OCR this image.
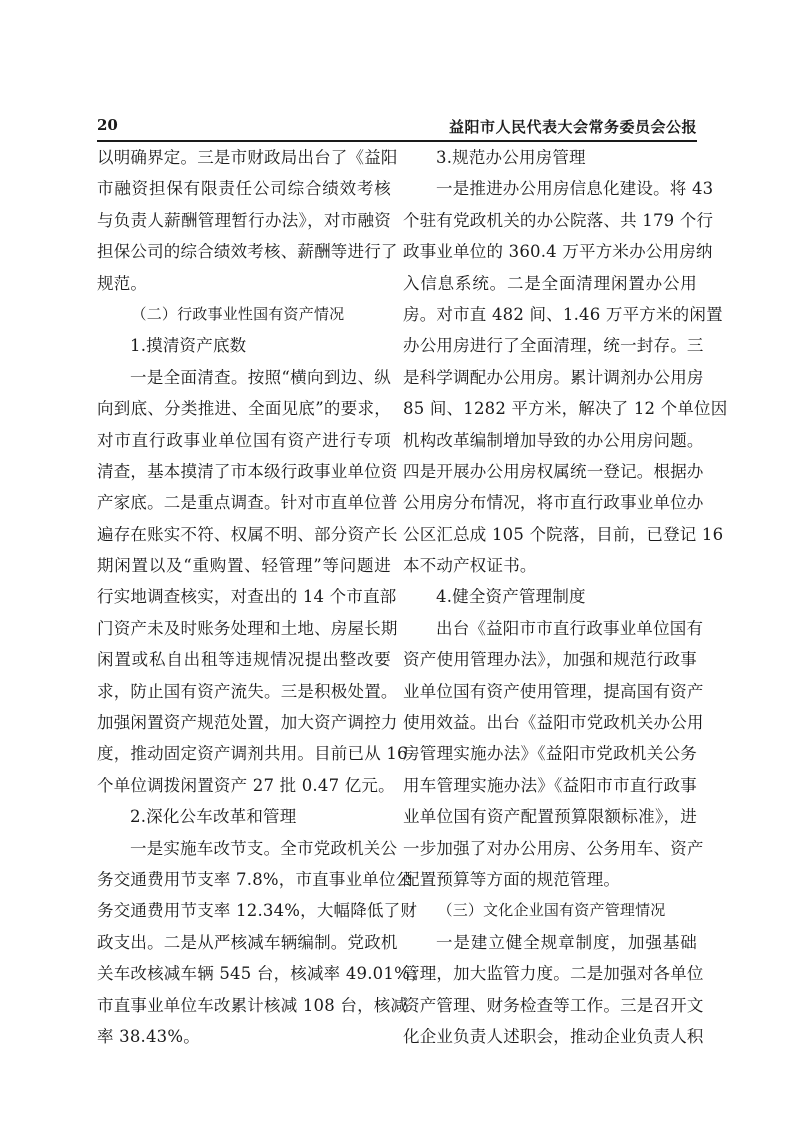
20	益阳市人民代表大会常务委员会公报
以明确界定。三是市财政局出台了《益阳
市融资担保有限责任公司综合绩效考核
与负责人薪酬管理暂行办法》，对市融资
担保公司的综合绩效考核、薪酬等进行了
规范。
（二）行政事业性国有资产情况
1.摸清资产底数
一是全面清查。按照“横向到边、纵
向到底、分类推进、全面见底”的要求，
对市直行政事业单位国有资产进行专项
清查，基本摸清了市本级行政事业单位资
产家底。二是重点调查。针对市直单位普
遍存在账实不符、权属不明、部分资产长
期闲置以及“重购置、轻管理”等问题进
行实地调查核实，对查出的 14 个市直部
门资产未及时账务处理和土地、房屋长期
闲置或私自出租等违规情况提出整改要
求，防止国有资产流失。三是积极处置。
加强闲置资产规范处置，加大资产调控力
度，推动固定资产调剂共用。目前已从 16
个单位调拨闲置资产 27 批 0.47 亿元。
2.深化公车改革和管理
一是实施车改节支。全市党政机关公
务交通费用节支率 7.8%，市直事业单位公
务交通费用节支率 12.34%，大幅降低了财
政支出。二是从严核减车辆编制。党政机
关车改核减车辆 545 台，核减率 49.01%；
市直事业单位车改累计核减 108 台，核减
率 38.43%。
3.规范办公用房管理
一是推进办公用房信息化建设。将 43
个驻有党政机关的办公院落、共 179 个行
政事业单位的 360.4 万平方米办公用房纳
入信息系统。二是全面清理闲置办公用
房。对市直 482 间、1.46 万平方米的闲置
办公用房进行了全面清理，统一封存。三
是科学调配办公用房。累计调剂办公用房
85 间、1282 平方米，解决了 12 个单位因
机构改革编制增加导致的办公用房问题。
四是开展办公用房权属统一登记。根据办
公用房分布情况，将市直行政事业单位办
公区汇总成 105 个院落，目前，已登记 16
本不动产权证书。
4.健全资产管理制度
出台《益阳市市直行政事业单位国有
资产使用管理办法》，加强和规范行政事
业单位国有资产使用管理，提高国有资产
使用效益。出台《益阳市党政机关办公用
房管理实施办法》《益阳市党政机关公务
用车管理实施办法》《益阳市市直行政事
业单位国有资产配置预算限额标准》，进
一步加强了对办公用房、公务用车、资产
配置预算等方面的规范管理。
（三）文化企业国有资产管理情况
一是建立健全规章制度，加强基础
管理，加大监管力度。二是加强对各单位
资产管理、财务检查等工作。三是召开文
化企业负责人述职会，推动企业负责人积
